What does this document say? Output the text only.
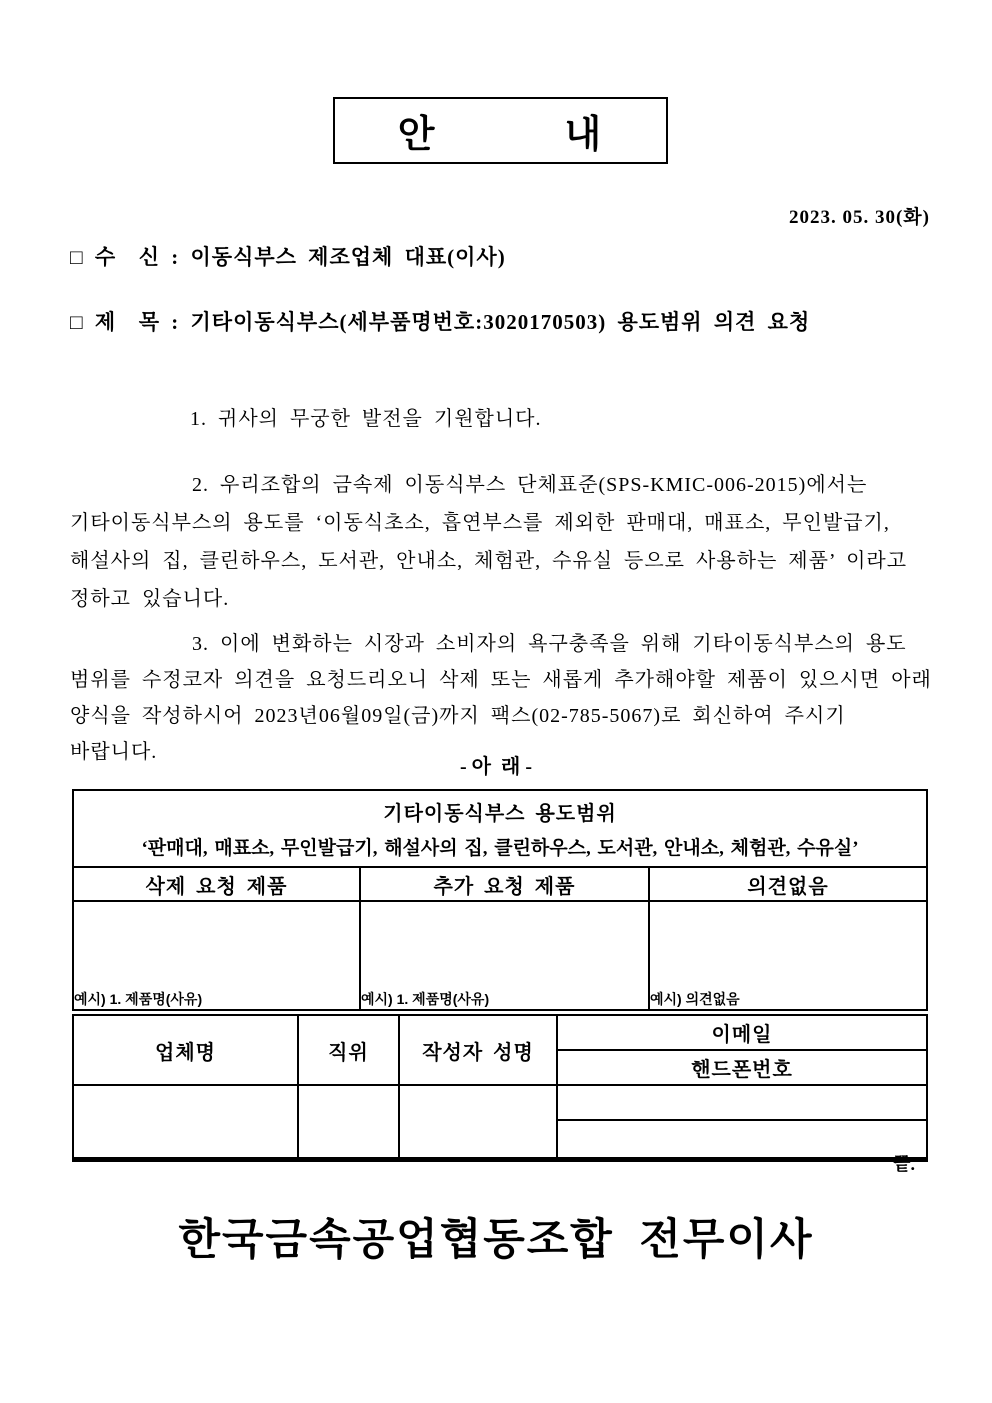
안	내
2023. 05. 30(화)
□ 수  신 : 이동식부스 제조업체 대표(이사)
□ 제  목 : 기타이동식부스(세부품명번호:3020170503) 용도범위 의견 요청
1. 귀사의 무궁한 발전을 기원합니다.
2. 우리조합의 금속제 이동식부스 단체표준(SPS-KMIC-006-2015)에서는
기타이동식부스의 용도를 ‘이동식초소, 흡연부스를 제외한 판매대, 매표소, 무인발급기,
해설사의 집, 클린하우스, 도서관, 안내소, 체험관, 수유실 등으로 사용하는 제품’ 이라고
정하고 있습니다.
3. 이에 변화하는 시장과 소비자의 욕구충족을 위해 기타이동식부스의 용도
범위를 수정코자 의견을 요청드리오니 삭제 또는 새롭게 추가해야할 제품이 있으시면 아래
양식을 작성하시어 2023년06월09일(금)까지 팩스(02-785-5067)로 회신하여 주시기
바랍니다.
- 아  래 -
기타이동식부스 용도범위
‘판매대, 매표소, 무인발급기, 해설사의 집, 클린하우스, 도서관, 안내소, 체험관, 수유실’		

삭제 요청 제품	추가 요청 제품	의견없음
예시) 1. 제품명(사유)	예시) 1. 제품명(사유)	예시) 의견없음
업체명	직위	작성자 성명	이메일
			핸드폰번호

끝.
한국금속공업협동조합  전무이사
